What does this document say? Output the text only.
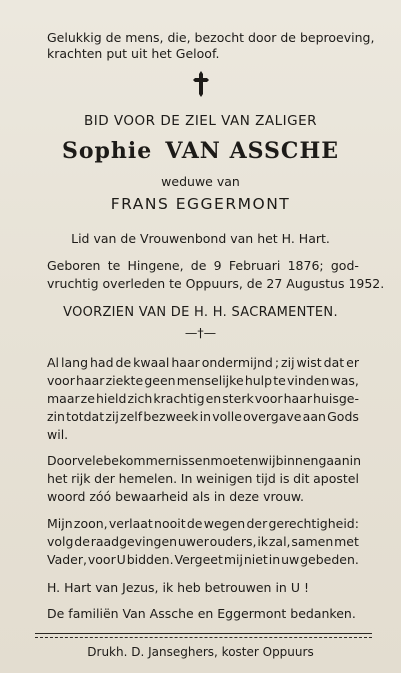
Gelukkig de mens, die, bezocht door de beproeving,
krachten put uit het Geloof.
BID VOOR DE ZIEL VAN ZALIGER
Sophie VAN ASSCHE
weduwe van
FRANS EGGERMONT
Lid van de Vrouwenbond van het H. Hart.
Geboren te Hingene, de 9 Februari 1876; god-
vruchtig overleden te Oppuurs, de 27 Augustus 1952.
VOORZIEN VAN DE H. H. SACRAMENTEN.
—†—
Al lang had de kwaal haar ondermijnd ; zij wist dat er
voor haar ziekte geen menselijke hulp te vinden was,
maar ze hield zich krachtig en sterk voor haar huisge-
zin totdat zij zelf bezweek in volle overgave aan Gods
wil.
Door vele bekommernissen moeten wij binnengaan in
het rijk der hemelen. In weinigen tijd is dit apostel
woord zóó bewaarheid als in deze vrouw.
Mijn zoon, verlaat nooit de wegen der gerechtigheid:
volg de raadgevingen uwer ouders, ik zal, samen met
Vader, voor U bidden. Vergeet mij niet in uw gebeden.
H. Hart van Jezus, ik heb betrouwen in U !
De familiën Van Assche en Eggermont bedanken.
Drukh. D. Janseghers, koster Oppuurs
